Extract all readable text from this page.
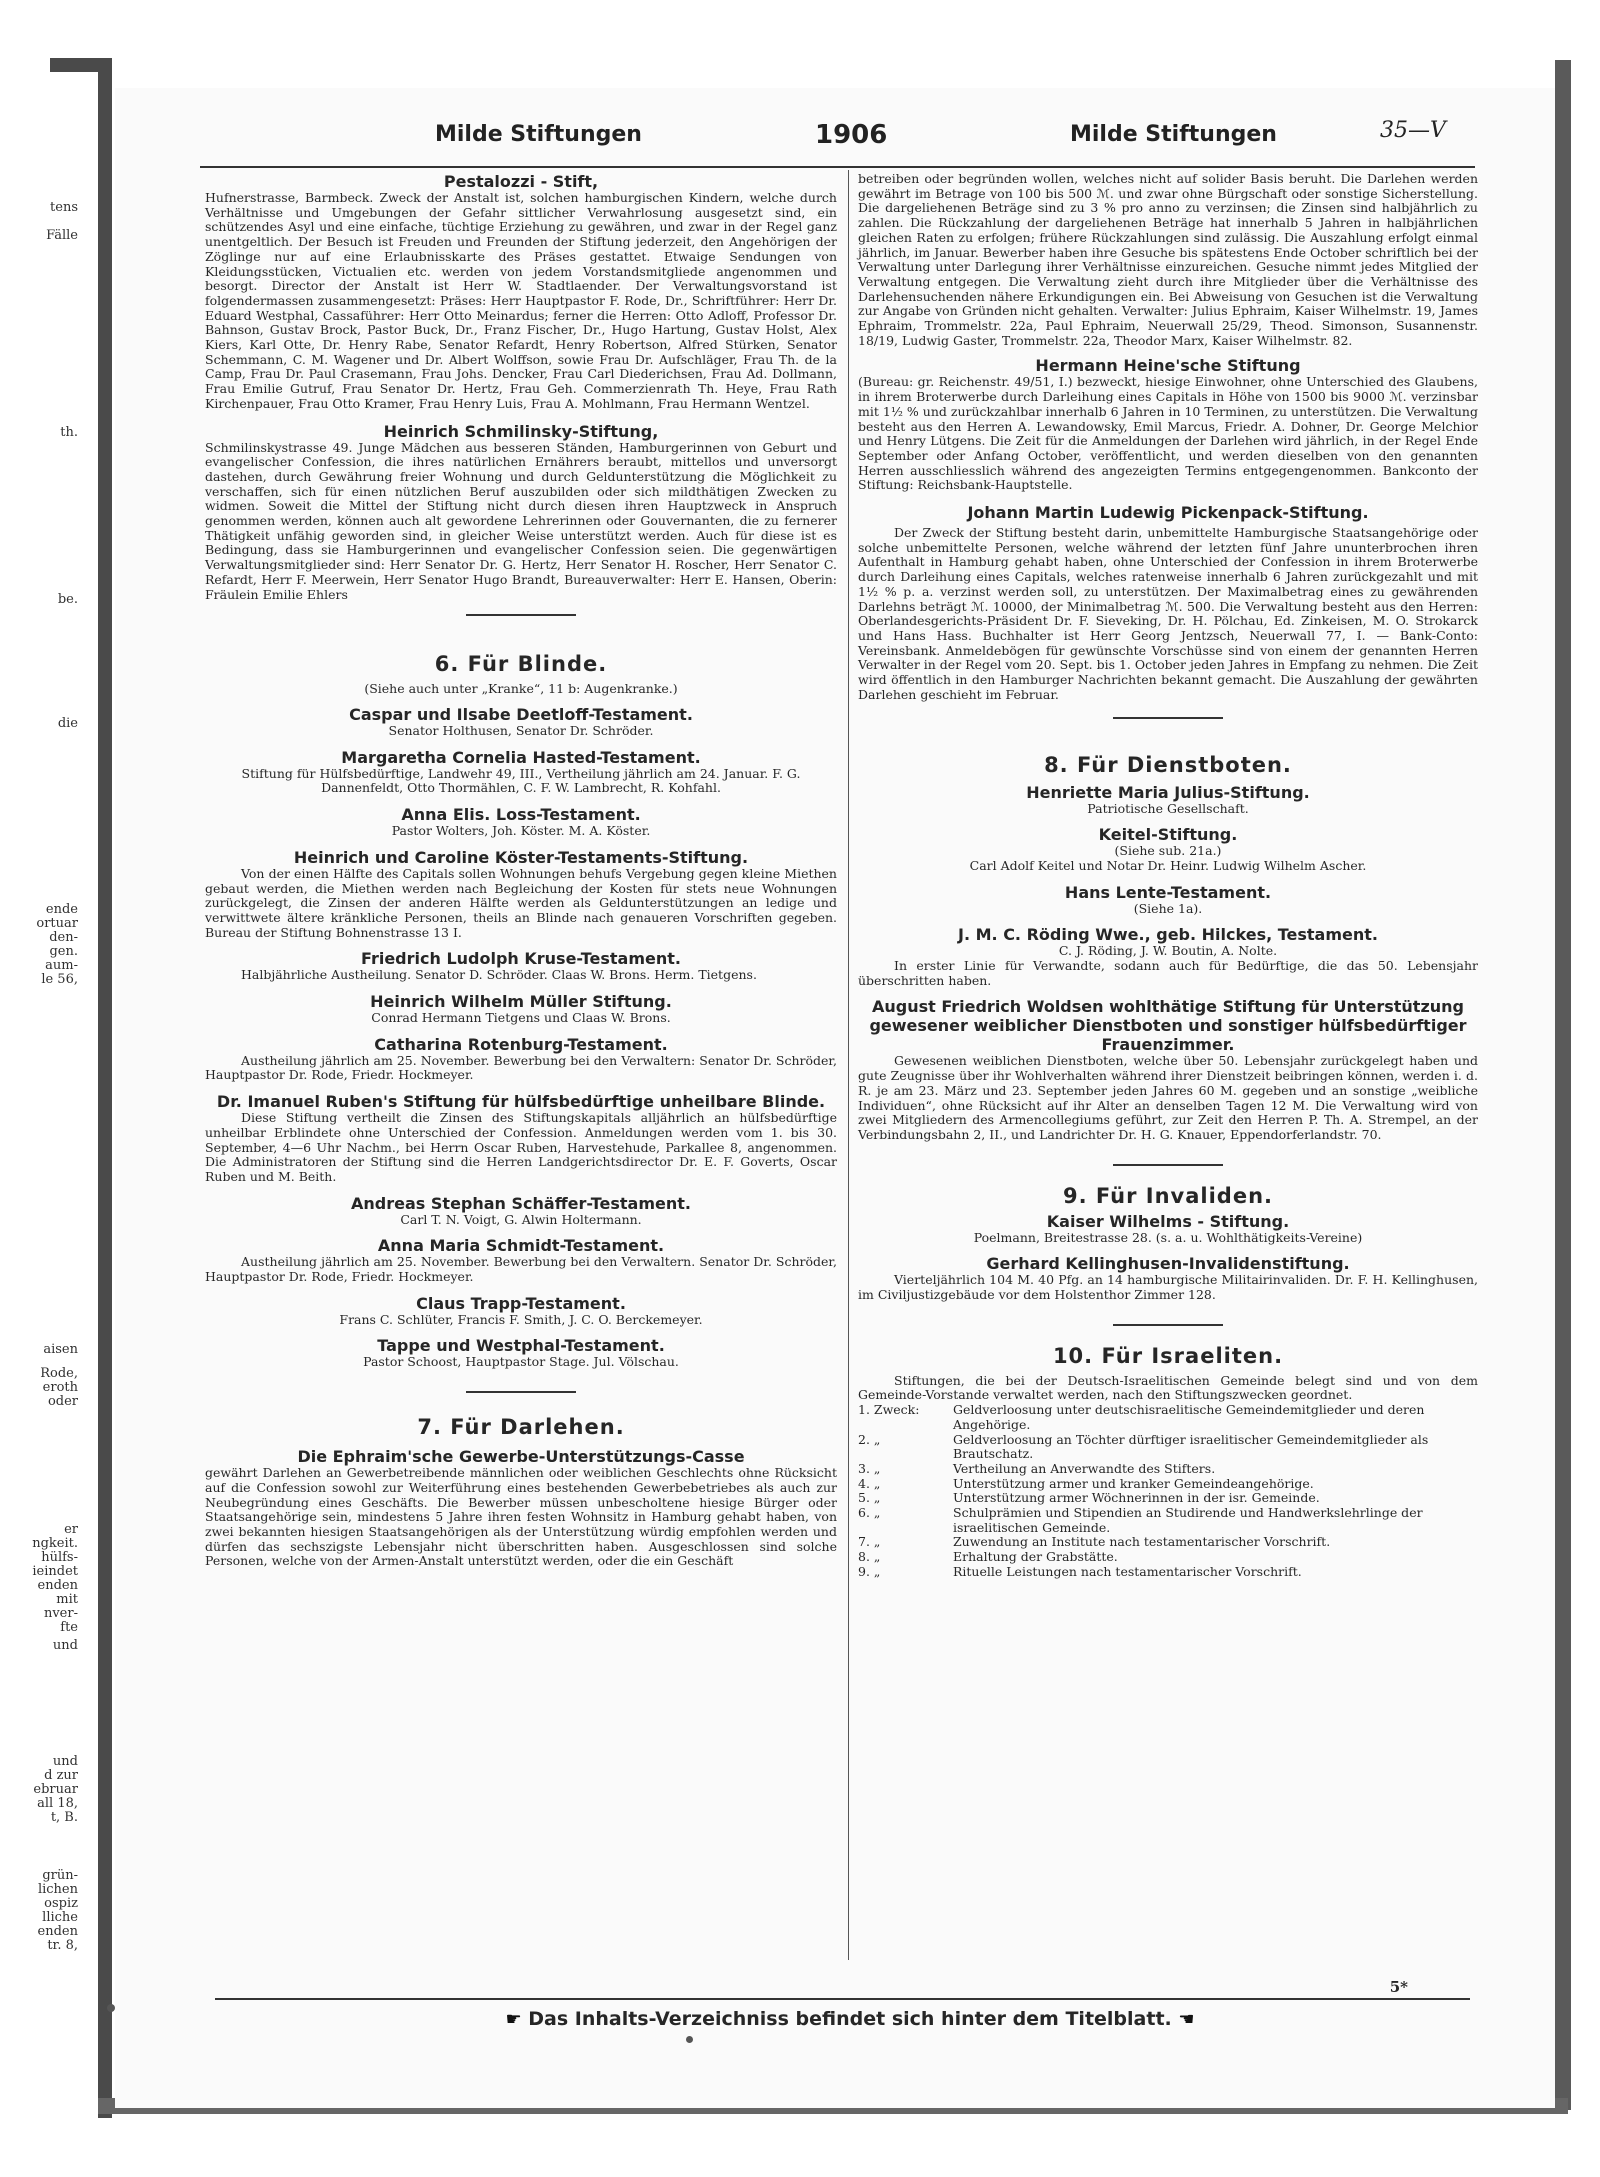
tens
Fälle
th.
be.
die
ende
ortuar
den-
gen.
aum-
le 56,
aisen
Rode,
eroth
oder
er
ngkeit.
hülfs-
ieindet
enden
mit
nver-
fte
und
und
d zur
ebruar
all 18,
t, B.
grün-
lichen
ospiz
lliche
enden
tr. 8,
Milde Stiftungen	1906	Milde Stiftungen	35—V

Pestalozzi - Stift,

Hufnerstrasse, Barmbeck. Zweck der Anstalt ist, solchen hamburgischen Kindern, welche durch Verhältnisse und Umgebungen der Gefahr sittlicher Verwahrlosung ausgesetzt sind, ein schützendes Asyl und eine einfache, tüchtige Erziehung zu gewähren, und zwar in der Regel ganz unentgeltlich. Der Besuch ist Freuden und Freunden der Stiftung jederzeit, den Angehörigen der Zöglinge nur auf eine Erlaubnisskarte des Präses gestattet. Etwaige Sendungen von Kleidungsstücken, Victualien etc. werden von jedem Vorstandsmitgliede angenommen und besorgt. Director der Anstalt ist Herr W. Stadtlaender. Der Verwaltungsvorstand ist folgendermassen zusammengesetzt: Präses: Herr Hauptpastor F. Rode, Dr., Schriftführer: Herr Dr. Eduard Westphal, Cassaführer: Herr Otto Meinardus; ferner die Herren: Otto Adloff, Professor Dr. Bahnson, Gustav Brock, Pastor Buck, Dr., Franz Fischer, Dr., Hugo Hartung, Gustav Holst, Alex Kiers, Karl Otte, Dr. Henry Rabe, Senator Refardt, Henry Robertson, Alfred Stürken, Senator Schemmann, C. M. Wagener und Dr. Albert Wolffson, sowie Frau Dr. Aufschläger, Frau Th. de la Camp, Frau Dr. Paul Crasemann, Frau Johs. Dencker, Frau Carl Diederichsen, Frau Ad. Dollmann, Frau Emilie Gutruf, Frau Senator Dr. Hertz, Frau Geh. Commerzienrath Th. Heye, Frau Rath Kirchenpauer, Frau Otto Kramer, Frau Henry Luis, Frau A. Mohlmann, Frau Hermann Wentzel.

Heinrich Schmilinsky-Stiftung,

Schmilinskystrasse 49. Junge Mädchen aus besseren Ständen, Hamburgerinnen von Geburt und evangelischer Confession, die ihres natürlichen Ernährers beraubt, mittellos und unversorgt dastehen, durch Gewährung freier Wohnung und durch Geldunterstützung die Möglichkeit zu verschaffen, sich für einen nützlichen Beruf auszubilden oder sich mildthätigen Zwecken zu widmen. Soweit die Mittel der Stiftung nicht durch diesen ihren Hauptzweck in Anspruch genommen werden, können auch alt gewordene Lehrerinnen oder Gouvernanten, die zu fernerer Thätigkeit unfähig geworden sind, in gleicher Weise unterstützt werden. Auch für diese ist es Bedingung, dass sie Hamburgerinnen und evangelischer Confession seien. Die gegenwärtigen Verwaltungsmitglieder sind: Herr Senator Dr. G. Hertz, Herr Senator H. Roscher, Herr Senator C. Refardt, Herr F. Meerwein, Herr Senator Hugo Brandt, Bureauverwalter: Herr E. Hansen, Oberin: Fräulein Emilie Ehlers

6. Für Blinde.

(Siehe auch unter „Kranke“, 11 b: Augenkranke.)

Caspar und Ilsabe Deetloff-Testament.

Senator Holthusen, Senator Dr. Schröder.

Margaretha Cornelia Hasted-Testament.

Stiftung für Hülfsbedürftige, Landwehr 49, III., Vertheilung jährlich am 24. Januar. F. G. Dannenfeldt, Otto Thormählen, C. F. W. Lambrecht, R. Kohfahl.

Anna Elis. Loss-Testament.

Pastor Wolters, Joh. Köster. M. A. Köster.

Heinrich und Caroline Köster-Testaments-Stiftung.

Von der einen Hälfte des Capitals sollen Wohnungen behufs Vergebung gegen kleine Miethen gebaut werden, die Miethen werden nach Begleichung der Kosten für stets neue Wohnungen zurückgelegt, die Zinsen der anderen Hälfte werden als Geldunterstützungen an ledige und verwittwete ältere kränkliche Personen, theils an Blinde nach genaueren Vorschriften gegeben. Bureau der Stiftung Bohnenstrasse 13 I.

Friedrich Ludolph Kruse-Testament.

Halbjährliche Austheilung. Senator D. Schröder. Claas W. Brons. Herm. Tietgens.

Heinrich Wilhelm Müller Stiftung.

Conrad Hermann Tietgens und Claas W. Brons.

Catharina Rotenburg-Testament.

Austheilung jährlich am 25. November. Bewerbung bei den Verwaltern: Senator Dr. Schröder, Hauptpastor Dr. Rode, Friedr. Hockmeyer.

Dr. Imanuel Ruben's Stiftung für hülfsbedürftige unheilbare Blinde.

Diese Stiftung vertheilt die Zinsen des Stiftungskapitals alljährlich an hülfsbedürftige unheilbar Erblindete ohne Unterschied der Confession. Anmeldungen werden vom 1. bis 30. September, 4—6 Uhr Nachm., bei Herrn Oscar Ruben, Harvestehude, Parkallee 8, angenommen. Die Administratoren der Stiftung sind die Herren Landgerichtsdirector Dr. E. F. Goverts, Oscar Ruben und M. Beith.

Andreas Stephan Schäffer-Testament.

Carl T. N. Voigt, G. Alwin Holtermann.

Anna Maria Schmidt-Testament.

Austheilung jährlich am 25. November. Bewerbung bei den Verwaltern. Senator Dr. Schröder, Hauptpastor Dr. Rode, Friedr. Hockmeyer.

Claus Trapp-Testament.

Frans C. Schlüter, Francis F. Smith, J. C. O. Berckemeyer.

Tappe und Westphal-Testament.

Pastor Schoost, Hauptpastor Stage. Jul. Völschau.

7. Für Darlehen.

Die Ephraim'sche Gewerbe-Unterstützungs-Casse

gewährt Darlehen an Gewerbetreibende männlichen oder weiblichen Geschlechts ohne Rücksicht auf die Confession sowohl zur Weiterführung eines bestehenden Gewerbebetriebes als auch zur Neubegründung eines Geschäfts. Die Bewerber müssen unbescholtene hiesige Bürger oder Staatsangehörige sein, mindestens 5 Jahre ihren festen Wohnsitz in Hamburg gehabt haben, von zwei bekannten hiesigen Staatsangehörigen als der Unterstützung würdig empfohlen werden und dürfen das sechszigste Lebensjahr nicht überschritten haben. Ausgeschlossen sind solche Personen, welche von der Armen-Anstalt unterstützt werden, oder die ein Geschäft

betreiben oder begründen wollen, welches nicht auf solider Basis beruht. Die Darlehen werden gewährt im Betrage von 100 bis 500 ℳ. und zwar ohne Bürgschaft oder sonstige Sicherstellung. Die dargeliehenen Beträge sind zu 3 % pro anno zu verzinsen; die Zinsen sind halbjährlich zu zahlen. Die Rückzahlung der dargeliehenen Beträge hat innerhalb 5 Jahren in halbjährlichen gleichen Raten zu erfolgen; frühere Rückzahlungen sind zulässig. Die Auszahlung erfolgt einmal jährlich, im Januar. Bewerber haben ihre Gesuche bis spätestens Ende October schriftlich bei der Verwaltung unter Darlegung ihrer Verhältnisse einzureichen. Gesuche nimmt jedes Mitglied der Verwaltung entgegen. Die Verwaltung zieht durch ihre Mitglieder über die Verhältnisse des Darlehensuchenden nähere Erkundigungen ein. Bei Abweisung von Gesuchen ist die Verwaltung zur Angabe von Gründen nicht gehalten. Verwalter: Julius Ephraim, Kaiser Wilhelmstr. 19, James Ephraim, Trommelstr. 22a, Paul Ephraim, Neuerwall 25/29, Theod. Simonson, Susannenstr. 18/19, Ludwig Gaster, Trommelstr. 22a, Theodor Marx, Kaiser Wilhelmstr. 82.

Hermann Heine'sche Stiftung

(Bureau: gr. Reichenstr. 49/51, I.) bezweckt, hiesige Einwohner, ohne Unterschied des Glaubens, in ihrem Broterwerbe durch Darleihung eines Capitals in Höhe von 1500 bis 9000 ℳ. verzinsbar mit 1½ % und zurückzahlbar innerhalb 6 Jahren in 10 Terminen, zu unterstützen. Die Verwaltung besteht aus den Herren A. Lewandowsky, Emil Marcus, Friedr. A. Dohner, Dr. George Melchior und Henry Lütgens. Die Zeit für die Anmeldungen der Darlehen wird jährlich, in der Regel Ende September oder Anfang October, veröffentlicht, und werden dieselben von den genannten Herren ausschliesslich während des angezeigten Termins entgegengenommen. Bankconto der Stiftung: Reichsbank-Hauptstelle.

Johann Martin Ludewig Pickenpack-Stiftung.

Der Zweck der Stiftung besteht darin, unbemittelte Hamburgische Staatsangehörige oder solche unbemittelte Personen, welche während der letzten fünf Jahre ununterbrochen ihren Aufenthalt in Hamburg gehabt haben, ohne Unterschied der Confession in ihrem Broterwerbe durch Darleihung eines Capitals, welches ratenweise innerhalb 6 Jahren zurückgezahlt und mit 1½ % p. a. verzinst werden soll, zu unterstützen. Der Maximalbetrag eines zu gewährenden Darlehns beträgt ℳ. 10000, der Minimalbetrag ℳ. 500. Die Verwaltung besteht aus den Herren: Oberlandesgerichts-Präsident Dr. F. Sieveking, Dr. H. Pölchau, Ed. Zinkeisen, M. O. Strokarck und Hans Hass. Buchhalter ist Herr Georg Jentzsch, Neuerwall 77, I. — Bank-Conto: Vereinsbank. Anmeldebögen für gewünschte Vorschüsse sind von einem der genannten Herren Verwalter in der Regel vom 20. Sept. bis 1. October jeden Jahres in Empfang zu nehmen. Die Zeit wird öffentlich in den Hamburger Nachrichten bekannt gemacht. Die Auszahlung der gewährten Darlehen geschieht im Februar.

8. Für Dienstboten.

Henriette Maria Julius-Stiftung.

Patriotische Gesellschaft.

Keitel-Stiftung.

(Siehe sub. 21a.)

Carl Adolf Keitel und Notar Dr. Heinr. Ludwig Wilhelm Ascher.

Hans Lente-Testament.

(Siehe 1a).

J. M. C. Röding Wwe., geb. Hilckes, Testament.

C. J. Röding, J. W. Boutin, A. Nolte.

In erster Linie für Verwandte, sodann auch für Bedürftige, die das 50. Lebensjahr überschritten haben.

August Friedrich Woldsen wohlthätige Stiftung für Unterstützung gewesener weiblicher Dienstboten und sonstiger hülfsbedürftiger Frauenzimmer.

Gewesenen weiblichen Dienstboten, welche über 50. Lebensjahr zurückgelegt haben und gute Zeugnisse über ihr Wohlverhalten während ihrer Dienstzeit beibringen können, werden i. d. R. je am 23. März und 23. September jeden Jahres 60 M. gegeben und an sonstige „weibliche Individuen“, ohne Rücksicht auf ihr Alter an denselben Tagen 12 M. Die Verwaltung wird von zwei Mitgliedern des Armencollegiums geführt, zur Zeit den Herren P. Th. A. Strempel, an der Verbindungsbahn 2, II., und Landrichter Dr. H. G. Knauer, Eppendorferlandstr. 70.

9. Für Invaliden.

Kaiser Wilhelms - Stiftung.

Poelmann, Breitestrasse 28. (s. a. u. Wohlthätigkeits-Vereine)

Gerhard Kellinghusen-Invalidenstiftung.

Vierteljährlich 104 M. 40 Pfg. an 14 hamburgische Militairinvaliden. Dr. F. H. Kellinghusen, im Civiljustizgebäude vor dem Holstenthor Zimmer 128.

10. Für Israeliten.

Stiftungen, die bei der Deutsch-Israelitischen Gemeinde belegt sind und von dem Gemeinde-Vorstande verwaltet werden, nach den Stiftungszwecken geordnet.

1. Zweck:	Geldverloosung unter deutschisraelitische Gemeindemitglieder und deren Angehörige.
2. „	Geldverloosung an Töchter dürftiger israelitischer Gemeindemitglieder als Brautschatz.
3. „	Vertheilung an Anverwandte des Stifters.
4. „	Unterstützung armer und kranker Gemeindeangehörige.
5. „	Unterstützung armer Wöchnerinnen in der isr. Gemeinde.
6. „	Schulprämien und Stipendien an Studirende und Handwerkslehrlinge der israelitischen Gemeinde.
7. „	Zuwendung an Institute nach testamentarischer Vorschrift.
8. „	Erhaltung der Grabstätte.
9. „	Rituelle Leistungen nach testamentarischer Vorschrift.
☛ Das Inhalts-Verzeichniss befindet sich hinter dem Titelblatt. ☚
5*
